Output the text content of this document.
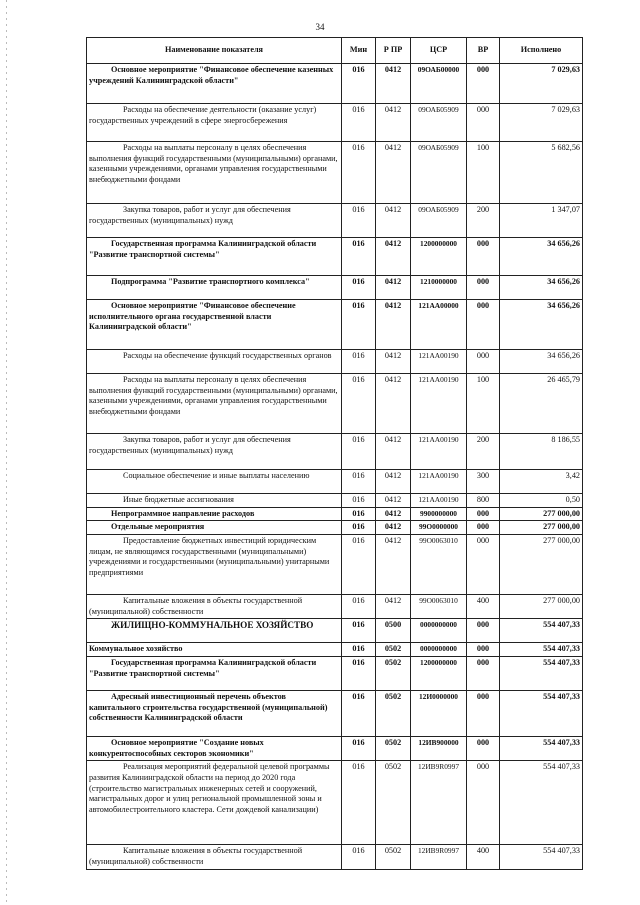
34
Наименование показателя	Мин	Р ПР	ЦСР	ВР	Исполнено
Основное мероприятие "Финансовое обеспечение казенных учреждений Калининградской области"	016	0412	09ОАБ00000	000	7 029,63
Расходы на обеспечение деятельности (оказание услуг) государственных учреждений в сфере энергосбережения	016	0412	09ОАБ05909	000	7 029,63
Расходы на выплаты персоналу в целях обеспечения выполнения функций государственными (муниципальными) органами, казенными учреждениями, органами управления государственными внебюджетными фондами	016	0412	09ОАБ05909	100	5 682,56
Закупка товаров, работ и услуг для обеспечения государственных (муниципальных) нужд	016	0412	09ОАБ05909	200	1 347,07
Государственная программа Калининградской области "Развитие транспортной системы"	016	0412	1200000000	000	34 656,26
Подпрограмма "Развитие транспортного комплекса"	016	0412	1210000000	000	34 656,26
Основное мероприятие "Финансовое обеспечение исполнительного органа государственной власти Калининградской области"	016	0412	121АА00000	000	34 656,26
Расходы на обеспечение функций государственных органов	016	0412	121АА00190	000	34 656,26
Расходы на выплаты персоналу в целях обеспечения выполнения функций государственными (муниципальными) органами, казенными учреждениями, органами управления государственными внебюджетными фондами	016	0412	121АА00190	100	26 465,79
Закупка товаров, работ и услуг для обеспечения государственных (муниципальных) нужд	016	0412	121АА00190	200	8 186,55
Социальное обеспечение и иные выплаты населению	016	0412	121АА00190	300	3,42
Иные бюджетные ассигнования	016	0412	121АА00190	800	0,50
Непрограммное направление расходов	016	0412	9900000000	000	277 000,00
Отдельные мероприятия	016	0412	99О0000000	000	277 000,00
Предоставление бюджетных инвестиций юридическим лицам, не являющимся государственными (муниципальными) учреждениями и государственными (муниципальными) унитарными предприятиями	016	0412	99О0063010	000	277 000,00
Капитальные вложения в объекты государственной (муниципальной) собственности	016	0412	99О0063010	400	277 000,00
ЖИЛИЩНО-КОММУНАЛЬНОЕ ХОЗЯЙСТВО	016	0500	0000000000	000	554 407,33
Коммунальное хозяйство	016	0502	0000000000	000	554 407,33
Государственная программа Калининградской области "Развитие транспортной системы"	016	0502	1200000000	000	554 407,33
Адресный инвестиционный перечень объектов капитального строительства государственной (муниципальной) собственности Калининградской области	016	0502	12И0000000	000	554 407,33
Основное мероприятие "Создание новых конкурентоспособных секторов экономики"	016	0502	12ИВ900000	000	554 407,33
Реализация мероприятий федеральной целевой программы развития Калининградской области на период до 2020 года (строительство магистральных инженерных сетей и сооружений, магистральных дорог и улиц региональной промышленной зоны и автомобилестроительного кластера. Сети дождевой канализации)	016	0502	12ИВ9R0997	000	554 407,33
Капитальные вложения в объекты государственной (муниципальной) собственности	016	0502	12ИВ9R0997	400	554 407,33
